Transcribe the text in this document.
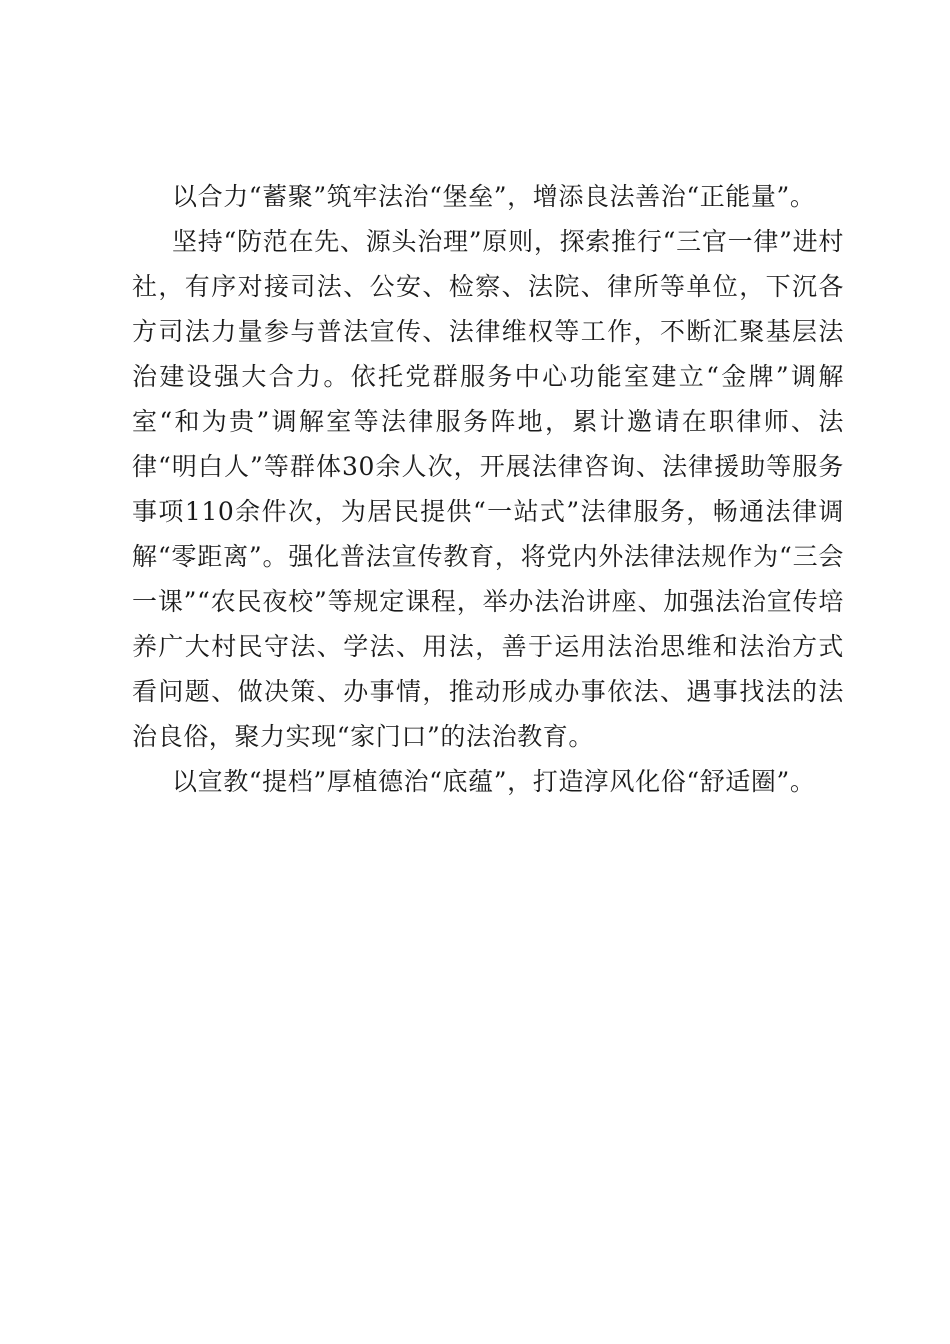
以合力“蓄聚”筑牢法治“堡垒”，增添良法善治“正能量”。

坚持“防范在先、源头治理”原则，探索推行“三官一律”进村社，有序对接司法、公安、检察、法院、律所等单位，下沉各方司法力量参与普法宣传、法律维权等工作，不断汇聚基层法治建设强大合力。依托党群服务中心功能室建立“金牌”调解室“和为贵”调解室等法律服务阵地，累计邀请在职律师、法律“明白人”等群体30余人次，开展法律咨询、法律援助等服务事项110余件次，为居民提供“一站式”法律服务，畅通法律调解“零距离”。强化普法宣传教育，将党内外法律法规作为“三会一课”“农民夜校”等规定课程，举办法治讲座、加强法治宣传培养广大村民守法、学法、用法，善于运用法治思维和法治方式看问题、做决策、办事情，推动形成办事依法、遇事找法的法治良俗，聚力实现“家门口”的法治教育。

以宣教“提档”厚植德治“底蕴”，打造淳风化俗“舒适圈”。
